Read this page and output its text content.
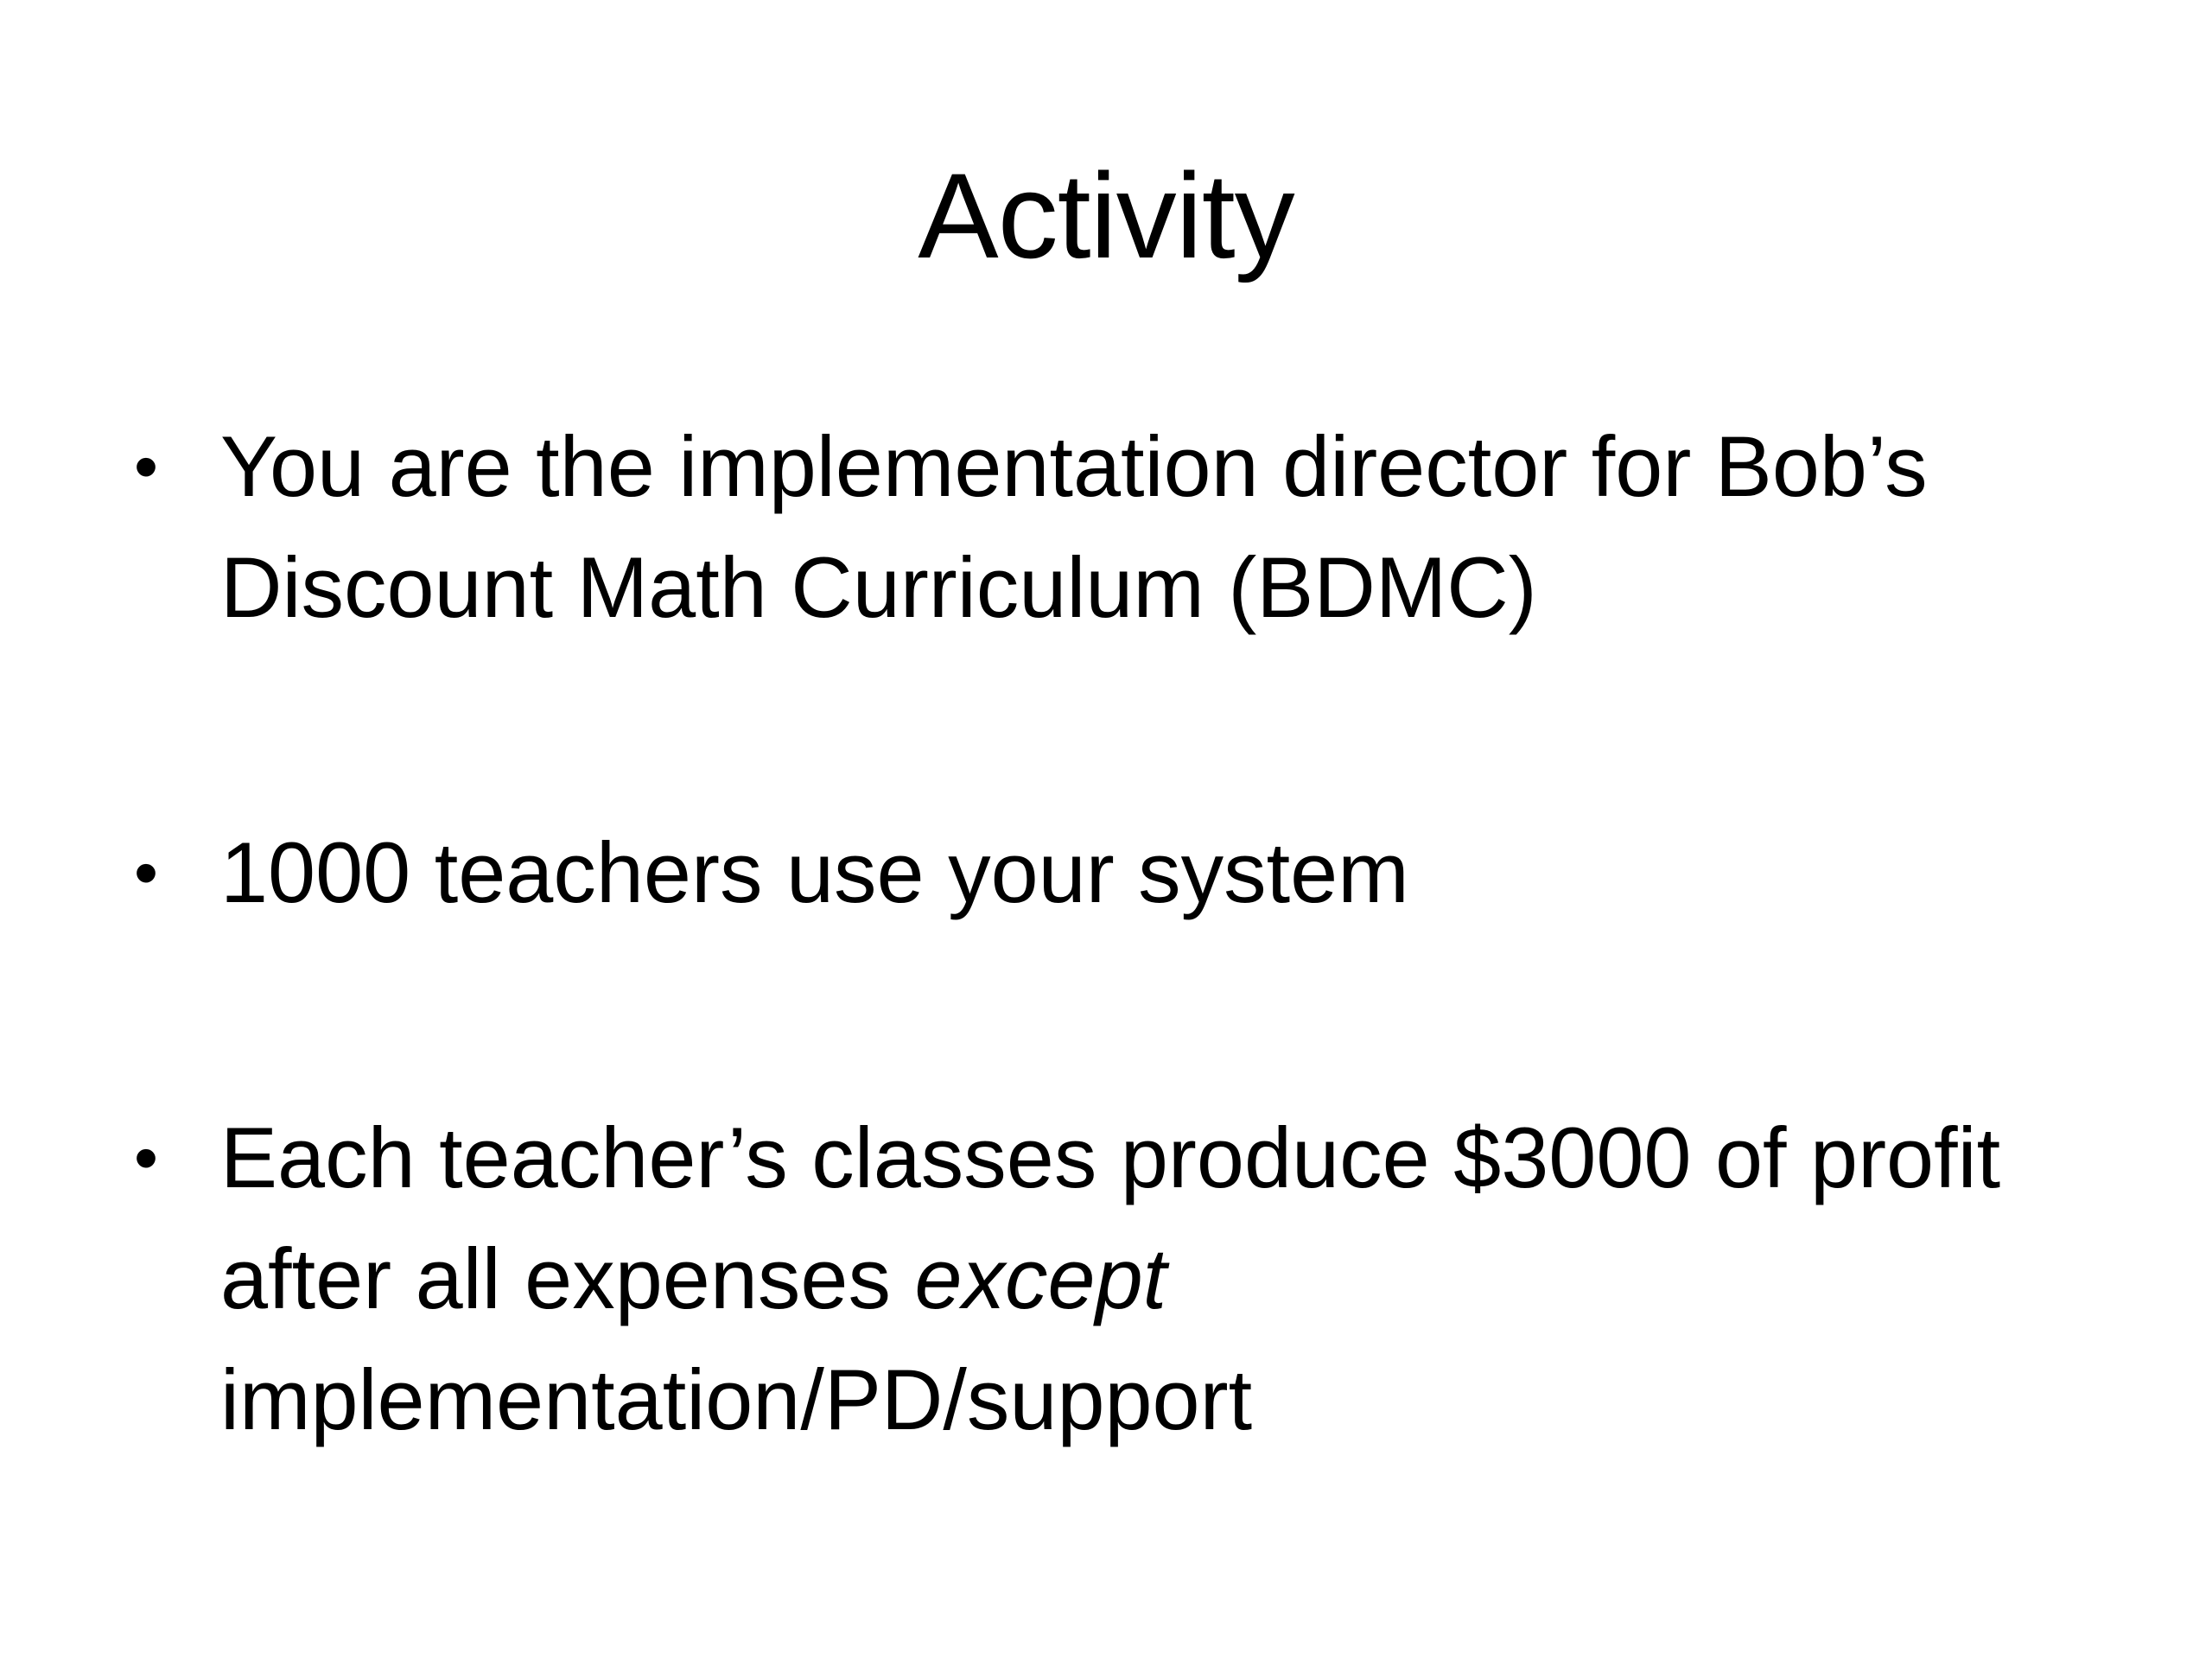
Activity
• You are the implementation director for Bob’s Discount Math Curriculum (BDMC)
• 1000 teachers use your system
• Each teacher’s classes produce $3000 of profit after all expenses except implementation/PD/support
